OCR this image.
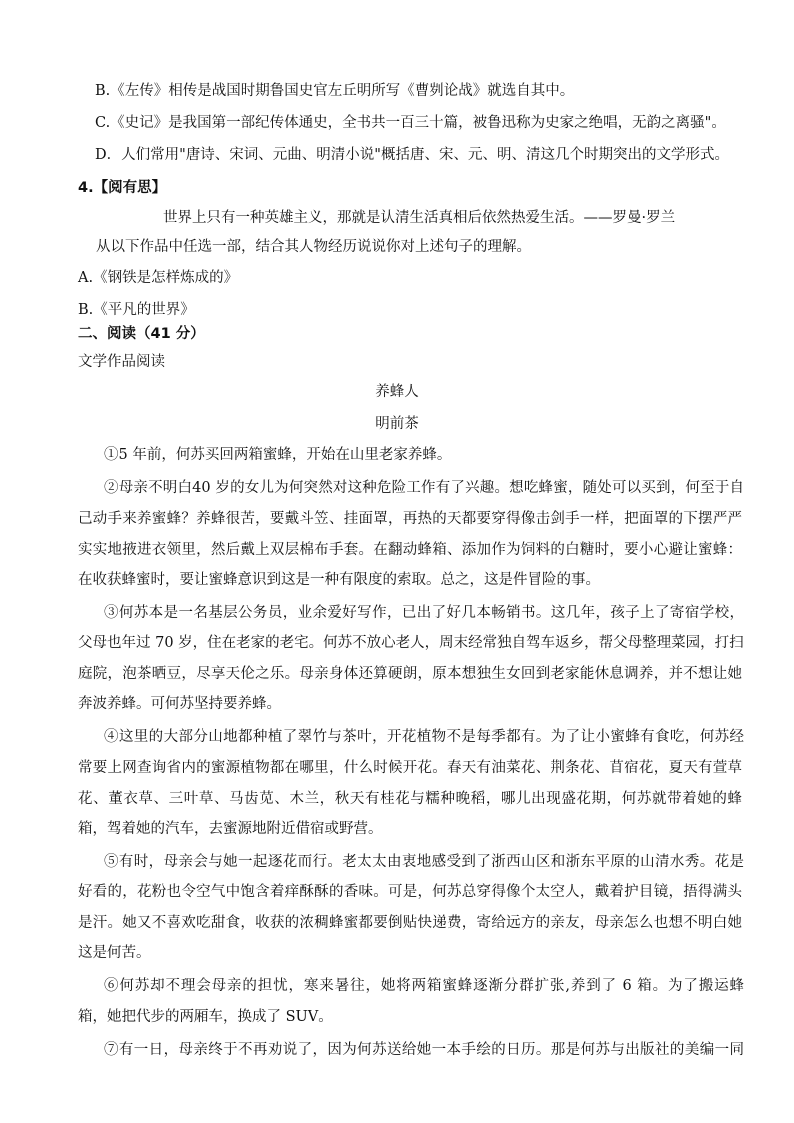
B.《左传》相传是战国时期鲁国史官左丘明所写《曹刿论战》就选自其中。
C.《史记》是我国第一部纪传体通史，全书共一百三十篇，被鲁迅称为史家之绝唱，无韵之离骚"。
D．人们常用"唐诗、宋词、元曲、明清小说"概括唐、宋、元、明、清这几个时期突出的文学形式。
4.【阅有思】
世界上只有一种英雄主义，那就是认清生活真相后依然热爱生活。——罗曼·罗兰
从以下作品中任选一部，结合其人物经历说说你对上述句子的理解。
A.《钢铁是怎样炼成的》
B.《平凡的世界》
二、阅读（41 分）
文学作品阅读
养蜂人
明前茶
①5 年前，何苏买回两箱蜜蜂，开始在山里老家养蜂。
②母亲不明白40 岁的女儿为何突然对这种危险工作有了兴趣。想吃蜂蜜，随处可以买到，何至于自
己动手来养蜜蜂？养蜂很苦，要戴斗笠、挂面罩，再热的天都要穿得像击剑手一样，把面罩的下摆严严
实实地掖进衣领里，然后戴上双层棉布手套。在翻动蜂箱、添加作为饲料的白糖时，要小心避让蜜蜂：
在收获蜂蜜时，要让蜜蜂意识到这是一种有限度的索取。总之，这是件冒险的事。
③何苏本是一名基层公务员，业余爱好写作，已出了好几本畅销书。这几年，孩子上了寄宿学校，
父母也年过 70 岁，住在老家的老宅。何苏不放心老人，周末经常独自驾车返乡，帮父母整理菜园，打扫
庭院，泡茶晒豆，尽享天伦之乐。母亲身体还算硬朗，原本想独生女回到老家能休息调养，并不想让她
奔波养蜂。可何苏坚持要养蜂。
④这里的大部分山地都种植了翠竹与茶叶，开花植物不是每季都有。为了让小蜜蜂有食吃，何苏经
常要上网查询省内的蜜源植物都在哪里，什么时候开花。春天有油菜花、荆条花、苜宿花，夏天有萱草
花、董衣草、三叶草、马齿苋、木兰，秋天有桂花与糯种晚稻，哪儿出现盛花期，何苏就带着她的蜂
箱，驾着她的汽车，去蜜源地附近借宿或野营。
⑤有时，母亲会与她一起逐花而行。老太太由衷地感受到了浙西山区和浙东平原的山清水秀。花是
好看的，花粉也令空气中饱含着痒酥酥的香味。可是，何苏总穿得像个太空人，戴着护目镜，捂得满头
是汗。她又不喜欢吃甜食，收获的浓稠蜂蜜都要倒贴快递费，寄给远方的亲友，母亲怎么也想不明白她
这是何苦。
⑥何苏却不理会母亲的担忧，寒来暑往，她将两箱蜜蜂逐渐分群扩张,养到了 6 箱。为了搬运蜂
箱，她把代步的两厢车，换成了 SUV。
⑦有一日，母亲终于不再劝说了，因为何苏送给她一本手绘的日历。那是何苏与出版社的美编一同
